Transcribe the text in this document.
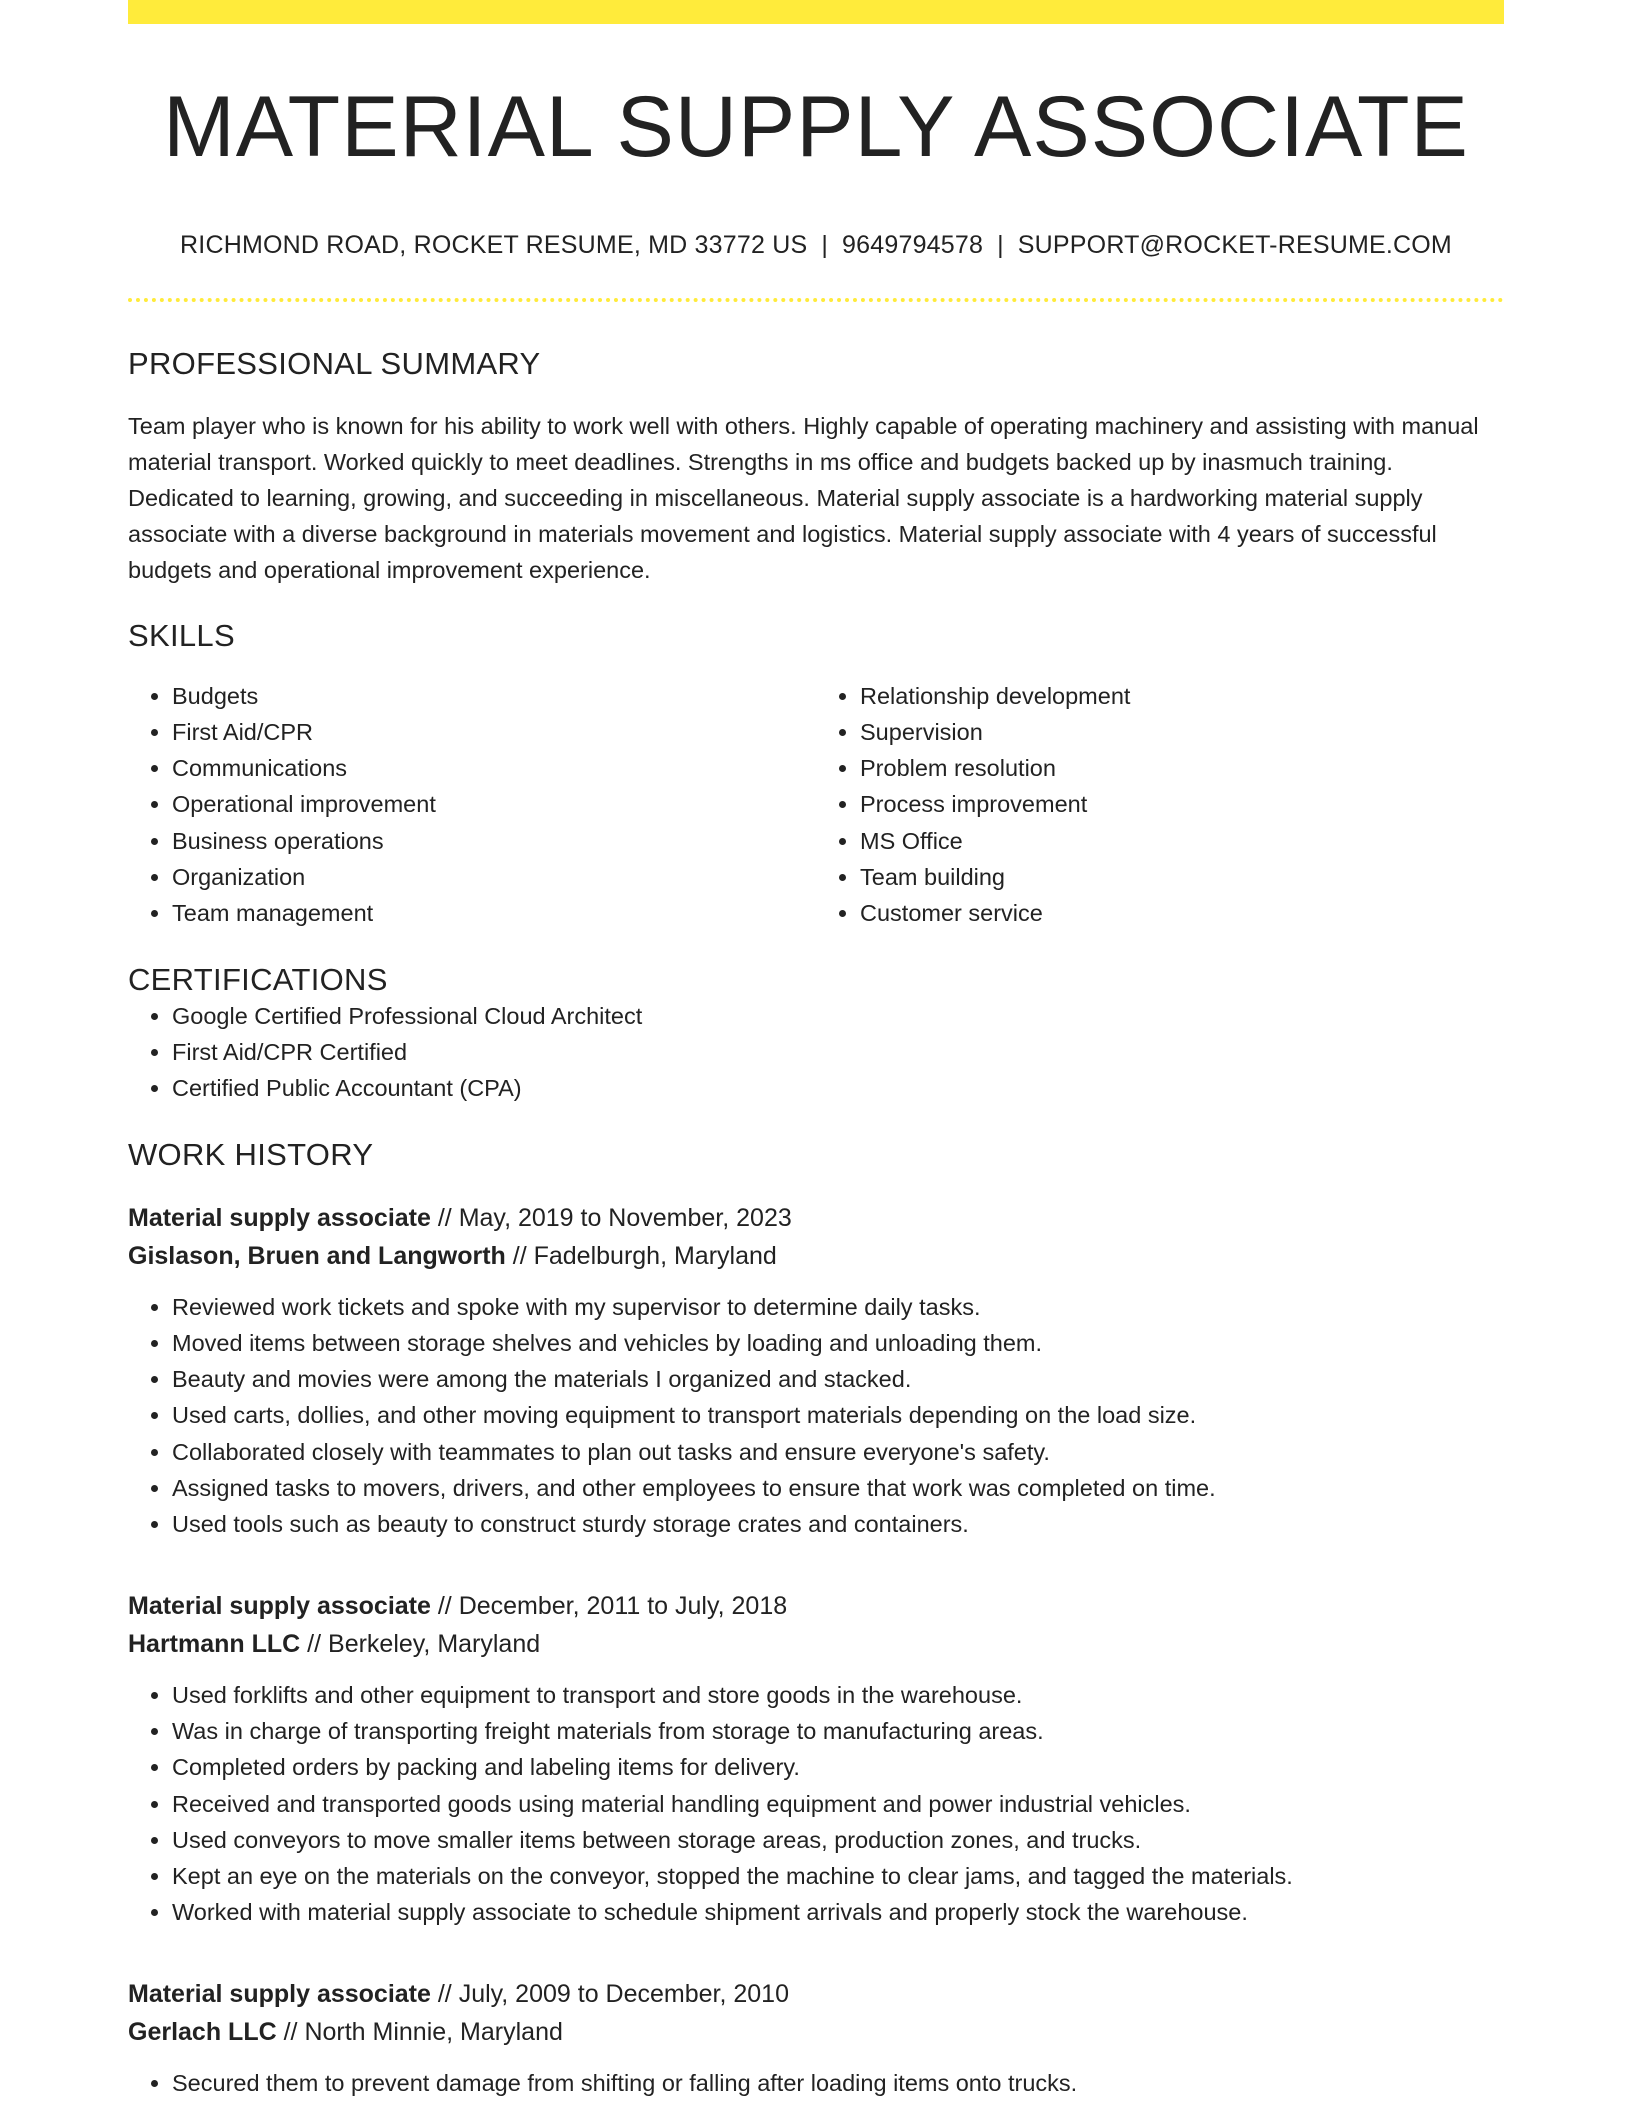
MATERIAL SUPPLY ASSOCIATE
RICHMOND ROAD, ROCKET RESUME, MD 33772 US | 9649794578 | SUPPORT@ROCKET-RESUME.COM
PROFESSIONAL SUMMARY
Team player who is known for his ability to work well with others. Highly capable of operating machinery and assisting with manual material transport. Worked quickly to meet deadlines. Strengths in ms office and budgets backed up by inasmuch training. Dedicated to learning, growing, and succeeding in miscellaneous. Material supply associate is a hardworking material supply associate with a diverse background in materials movement and logistics. Material supply associate with 4 years of successful budgets and operational improvement experience.
SKILLS
• Budgets
• First Aid/CPR
• Communications
• Operational improvement
• Business operations
• Organization
• Team management
• Relationship development
• Supervision
• Problem resolution
• Process improvement
• MS Office
• Team building
• Customer service
CERTIFICATIONS
• Google Certified Professional Cloud Architect
• First Aid/CPR Certified
• Certified Public Accountant (CPA)
WORK HISTORY
Material supply associate // May, 2019 to November, 2023
Gislason, Bruen and Langworth // Fadelburgh, Maryland
• Reviewed work tickets and spoke with my supervisor to determine daily tasks.
• Moved items between storage shelves and vehicles by loading and unloading them.
• Beauty and movies were among the materials I organized and stacked.
• Used carts, dollies, and other moving equipment to transport materials depending on the load size.
• Collaborated closely with teammates to plan out tasks and ensure everyone's safety.
• Assigned tasks to movers, drivers, and other employees to ensure that work was completed on time.
• Used tools such as beauty to construct sturdy storage crates and containers.
Material supply associate // December, 2011 to July, 2018
Hartmann LLC // Berkeley, Maryland
• Used forklifts and other equipment to transport and store goods in the warehouse.
• Was in charge of transporting freight materials from storage to manufacturing areas.
• Completed orders by packing and labeling items for delivery.
• Received and transported goods using material handling equipment and power industrial vehicles.
• Used conveyors to move smaller items between storage areas, production zones, and trucks.
• Kept an eye on the materials on the conveyor, stopped the machine to clear jams, and tagged the materials.
• Worked with material supply associate to schedule shipment arrivals and properly stock the warehouse.
Material supply associate // July, 2009 to December, 2010
Gerlach LLC // North Minnie, Maryland
• Secured them to prevent damage from shifting or falling after loading items onto trucks.
